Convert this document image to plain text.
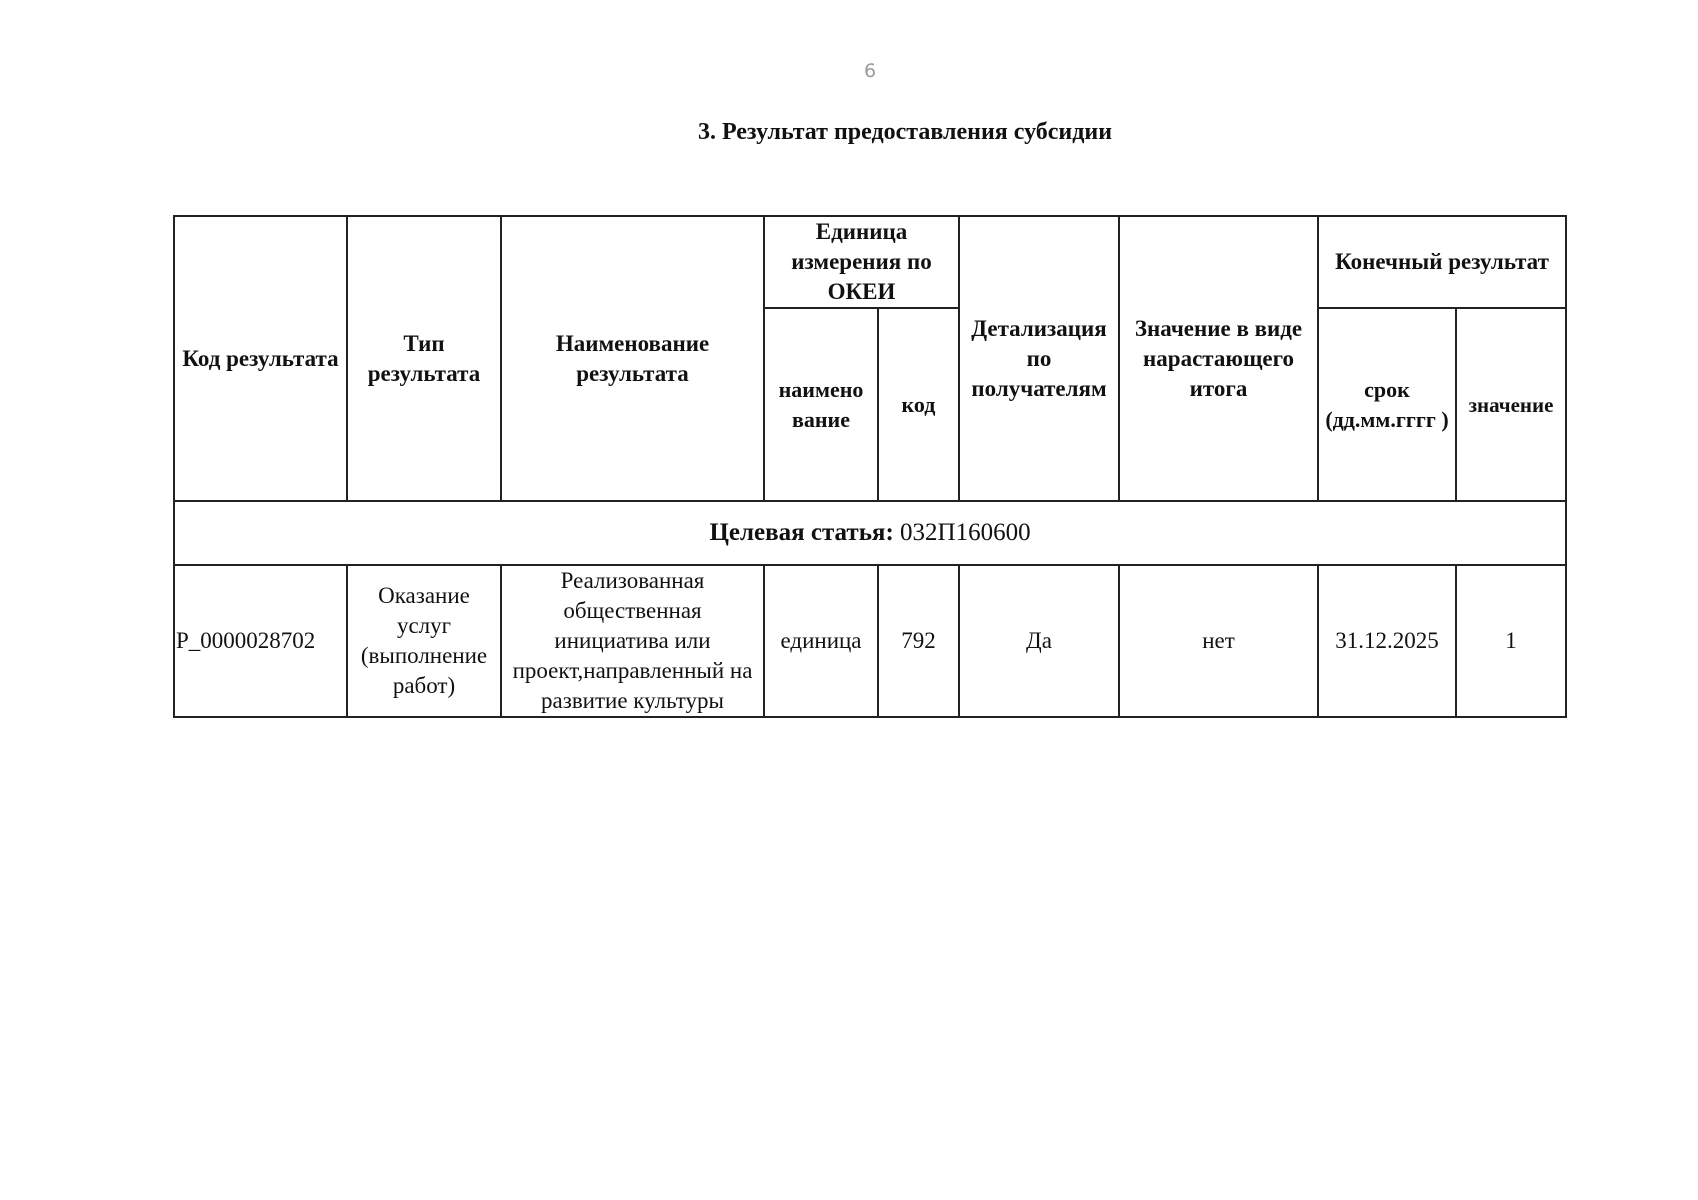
6
3. Результат предоставления субсидии
Код результата	Тип результата	Наименование результата	Единица измерения по ОКЕИ		Детализация по получателям	Значение в виде нарастающего итога	Конечный результат	
			наимено вание	код			срок (дд.мм.гггг )	значение
Целевая статья: 032П160600								
P_0000028702	Оказание услуг (выполнение работ)	Реализованная общественная инициатива или проект,направленный на развитие культуры	единица	792	Да	нет	31.12.2025	1
